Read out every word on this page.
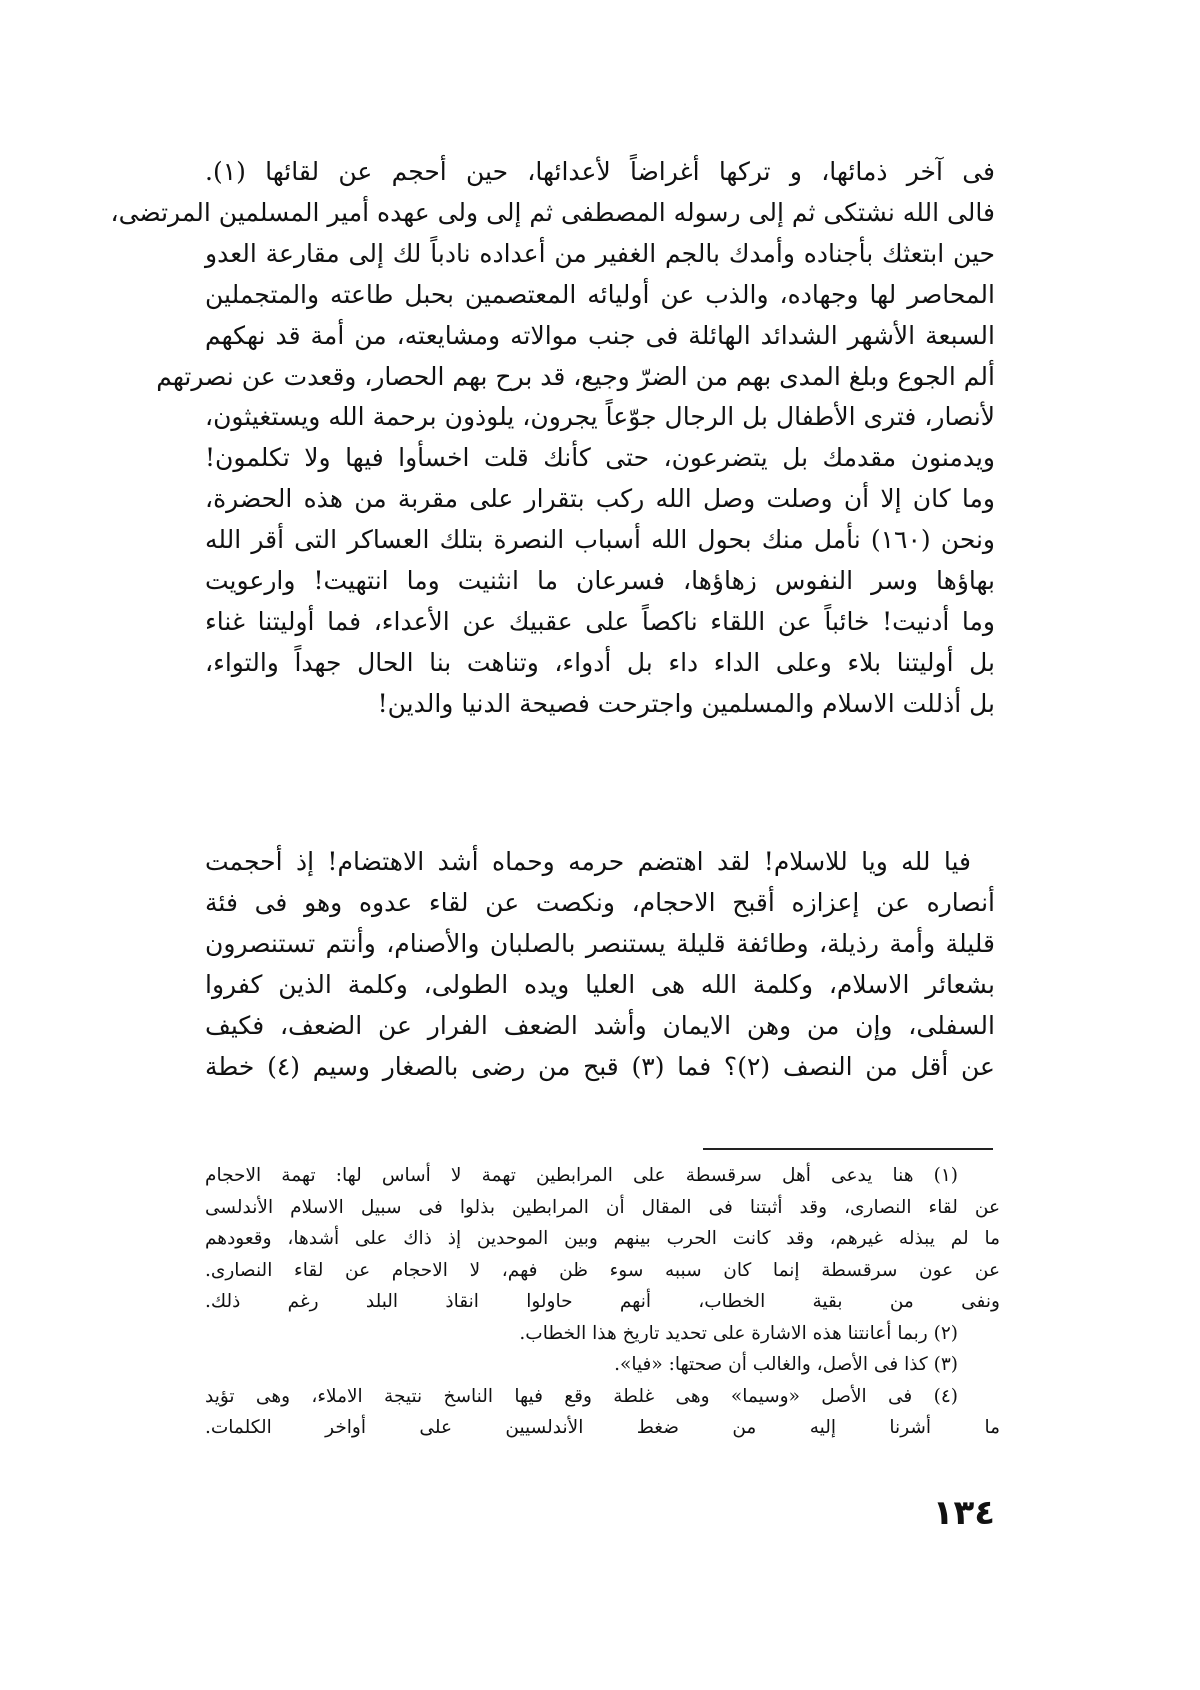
فى آخر ذمائها، و تركها أغراضاً لأعدائها، حين أحجم عن لقائها (١).
فالى الله نشتكى ثم إلى رسوله المصطفى ثم إلى ولى عهده أمير المسلمين المرتضى،
حين ابتعثك بأجناده وأمدك بالجم الغفير من أعداده نادباً لك إلى مقارعة العدو
المحاصر لها وجهاده، والذب عن أوليائه المعتصمين بحبل طاعته والمتجملين
السبعة الأشهر الشدائد الهائلة فى جنب موالاته ومشايعته، من أمة قد نهكهم
ألم الجوع وبلغ المدى بهم من الضرّ وجيع، قد برح بهم الحصار، وقعدت عن نصرتهم
لأنصار، فترى الأطفال بل الرجال جوّعاً يجرون، يلوذون برحمة الله ويستغيثون،
ويدمنون مقدمك بل يتضرعون، حتى كأنك قلت اخسأوا فيها ولا تكلمون!
وما كان إلا أن وصلت وصل الله ركب بتقرار على مقربة من هذه الحضرة،
ونحن (١٦٠) نأمل منك بحول الله أسباب النصرة بتلك العساكر التى أقر الله
بهاؤها وسر النفوس زهاؤها، فسرعان ما انثنيت وما انتهيت! وارعويت
وما أدنيت! خائباً عن اللقاء ناكصاً على عقبيك عن الأعداء، فما أوليتنا غناء
بل أوليتنا بلاء وعلى الداء داء بل أدواء، وتناهت بنا الحال جهداً والتواء،
بل أذللت الاسلام والمسلمين واجترحت فصيحة الدنيا والدين!
فيا لله ويا للاسلام! لقد اهتضم حرمه وحماه أشد الاهتضام! إذ أحجمت
أنصاره عن إعزازه أقبح الاحجام، ونكصت عن لقاء عدوه وهو فى فئة
قليلة وأمة رذيلة، وطائفة قليلة يستنصر بالصلبان والأصنام، وأنتم تستنصرون
بشعائر الاسلام، وكلمة الله هى العليا ويده الطولى، وكلمة الذين كفروا
السفلى، وإن من وهن الايمان وأشد الضعف الفرار عن الضعف، فكيف
عن أقل من النصف (٢)؟ فما (٣) قبح من رضى بالصغار وسيم (٤) خطة
(١) هنا يدعى أهل سرقسطة على المرابطين تهمة لا أساس لها: تهمة الاحجام
عن لقاء النصارى، وقد أثبتنا فى المقال أن المرابطين بذلوا فى سبيل الاسلام الأندلسى
ما لم يبذله غيرهم، وقد كانت الحرب بينهم وبين الموحدين إذ ذاك على أشدها، وقعودهم
عن عون سرقسطة إنما كان سببه سوء ظن فهم، لا الاحجام عن لقاء النصارى.
ونفى من بقية الخطاب، أنهم حاولوا انقاذ البلد رغم ذلك.
(٢) ربما أعانتنا هذه الاشارة على تحديد تاريخ هذا الخطاب.
(٣) كذا فى الأصل، والغالب أن صحتها: «فيا».
(٤) فى الأصل «وسيما» وهى غلطة وقع فيها الناسخ نتيجة الاملاء، وهى تؤيد
ما أشرنا إليه من ضغط الأندلسيين على أواخر الكلمات.
١٣٤
